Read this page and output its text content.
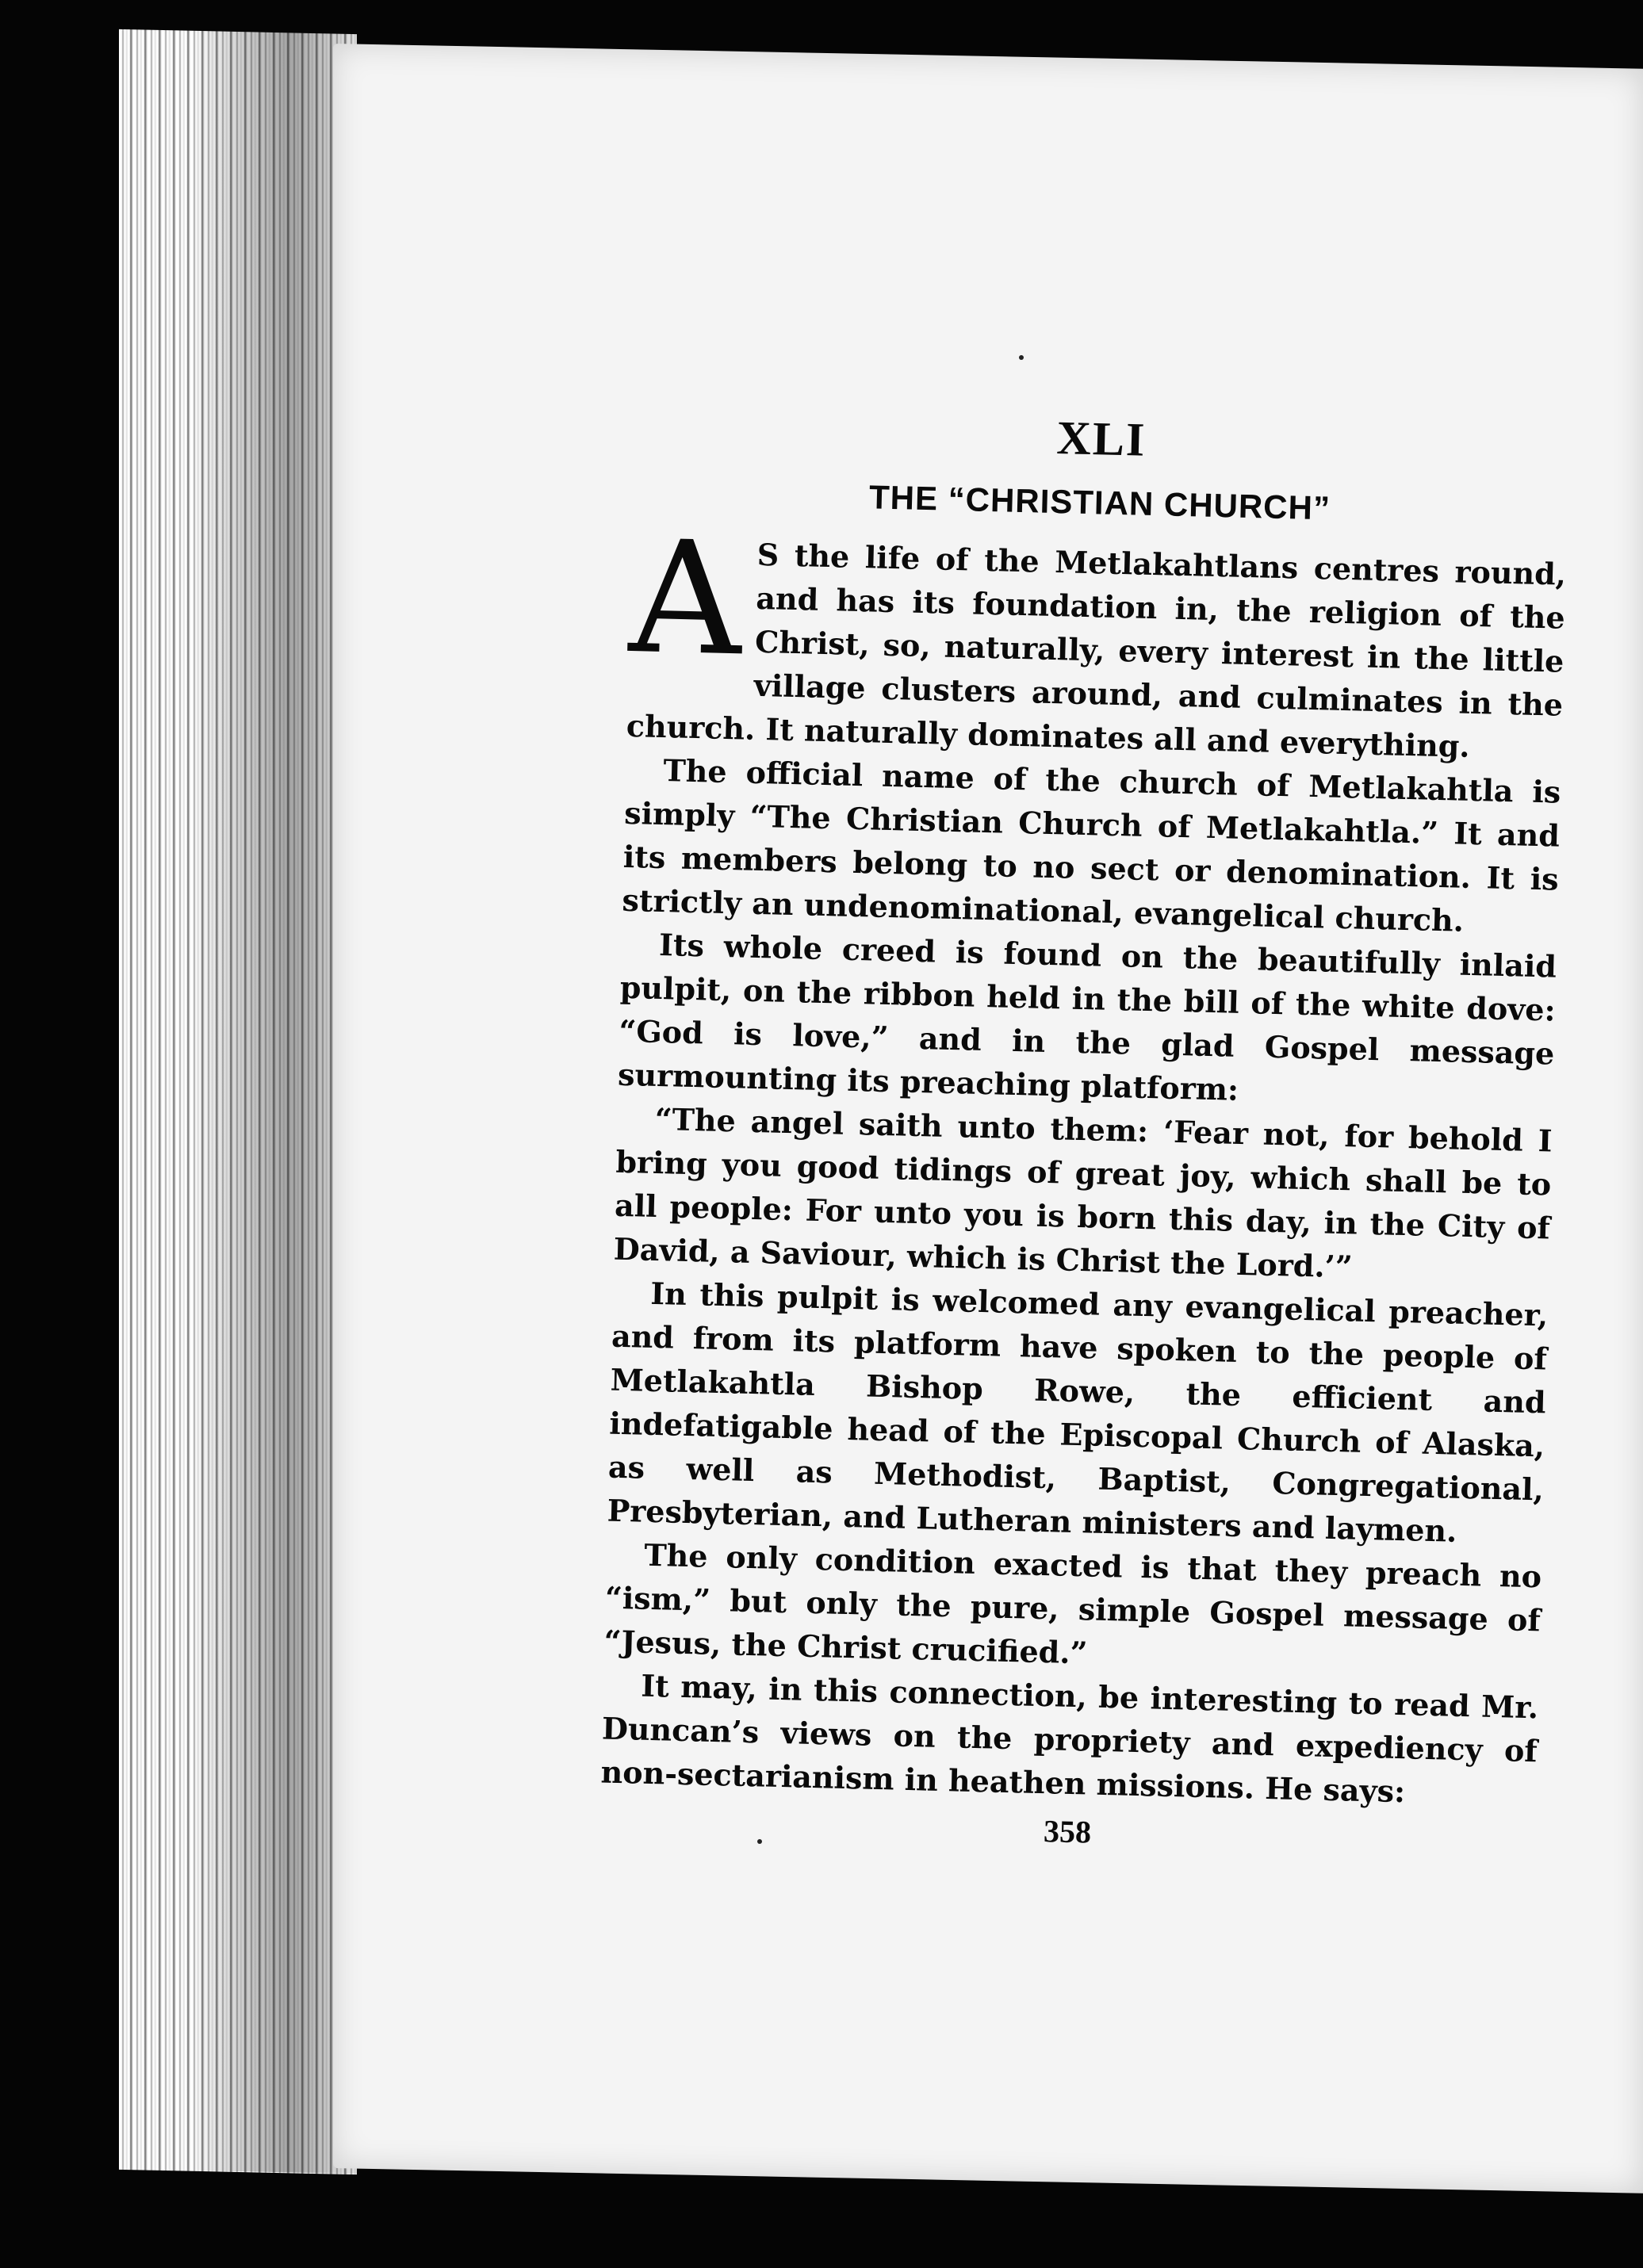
XLI
THE “CHRISTIAN CHURCH”

A S the life of the Metlakahtlans centres round, and has its foundation in, the religion of the Christ, so, naturally, every interest in the little village clusters around, and culminates in the church. It naturally dominates all and everything.

The official name of the church of Metlakahtla is simply “The Christian Church of Metlakahtla.” It and its members belong to no sect or denomination. It is strictly an undenominational, evangelical church.

Its whole creed is found on the beautifully inlaid pulpit, on the ribbon held in the bill of the white dove: “God is love,” and in the glad Gospel message surmounting its preaching platform:

“The angel saith unto them: ‘Fear not, for behold I bring you good tidings of great joy, which shall be to all people: For unto you is born this day, in the City of David, a Saviour, which is Christ the Lord.’”

In this pulpit is welcomed any evangelical preacher, and from its platform have spoken to the people of Metlakahtla Bishop Rowe, the efficient and indefatigable head of the Episcopal Church of Alaska, as well as Methodist, Baptist, Congregational, Presbyterian, and Lutheran ministers and laymen.

The only condition exacted is that they preach no “ism,” but only the pure, simple Gospel message of “Jesus, the Christ crucified.”

It may, in this connection, be interesting to read Mr. Duncan’s views on the propriety and expediency of non-sectarianism in heathen missions. He says:

358
